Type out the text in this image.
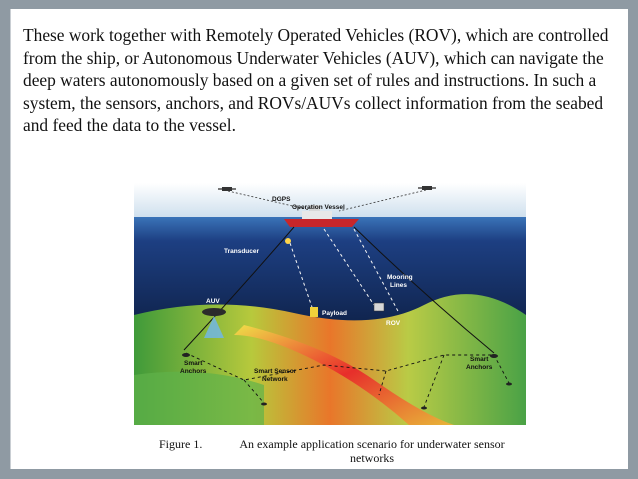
These work together with Remotely Operated Vehicles (ROV), which are controlled from the ship, or Autonomous Underwater Vehicles (AUV), which can navigate the deep waters autonomously based on a given set of rules and instructions. In such a system, the sensors, anchors, and ROVs/AUVs collect information from the seabed and feed the data to the vessel.

DGPS
Operation Vessel
Transducer
Mooring
Lines
AUV
Payload
ROV
Smart
Anchors	Smart Sensor
Network
Smart
Anchors
Figure 1.	An example application scenario for underwater sensor networks
